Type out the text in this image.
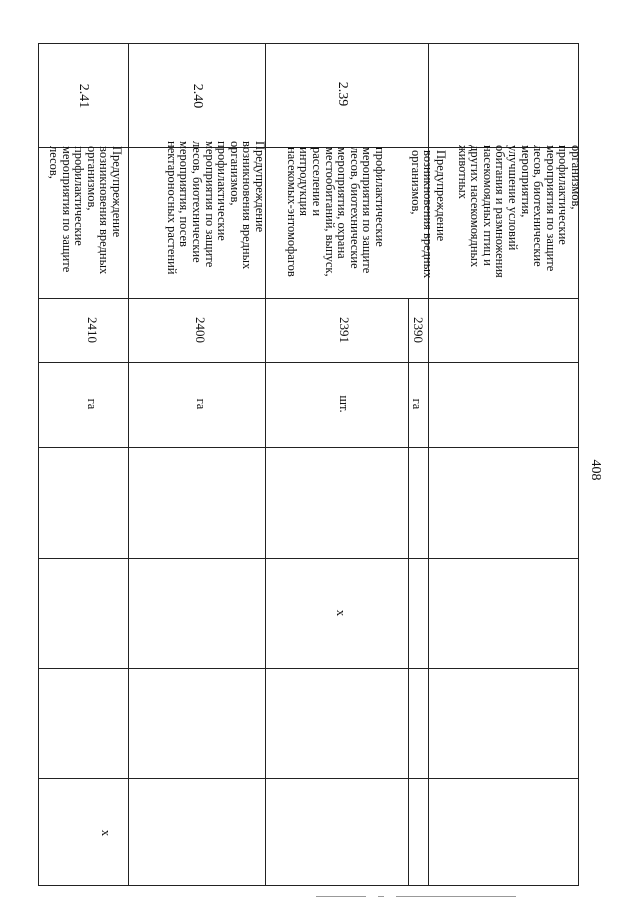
408
организмов,
профилактические
мероприятия по защите
лесов, биотехнические
мероприятия,
улучшение условий
обитания и размножения
насекомоядных птиц и
других насекомоядных
животных
Предупреждение
возникновения вредных
организмов,
2390
га
2.39
профилактические
мероприятия по защите
лесов, биотехнические
мероприятия, охрана
местообитаний, выпуск,
расселение и
интродукция
насекомых-энтомофагов
2391
шт.
x
2.40
Предупреждение
возникновения вредных
организмов,
профилактические
мероприятия по защите
лесов, биотехнические
мероприятия, посев
нектароносных растений
2400
га
2.41
Предупреждение
возникновения вредных
организмов,
профилактические
мероприятия по защите
лесов,
2410
га
x
